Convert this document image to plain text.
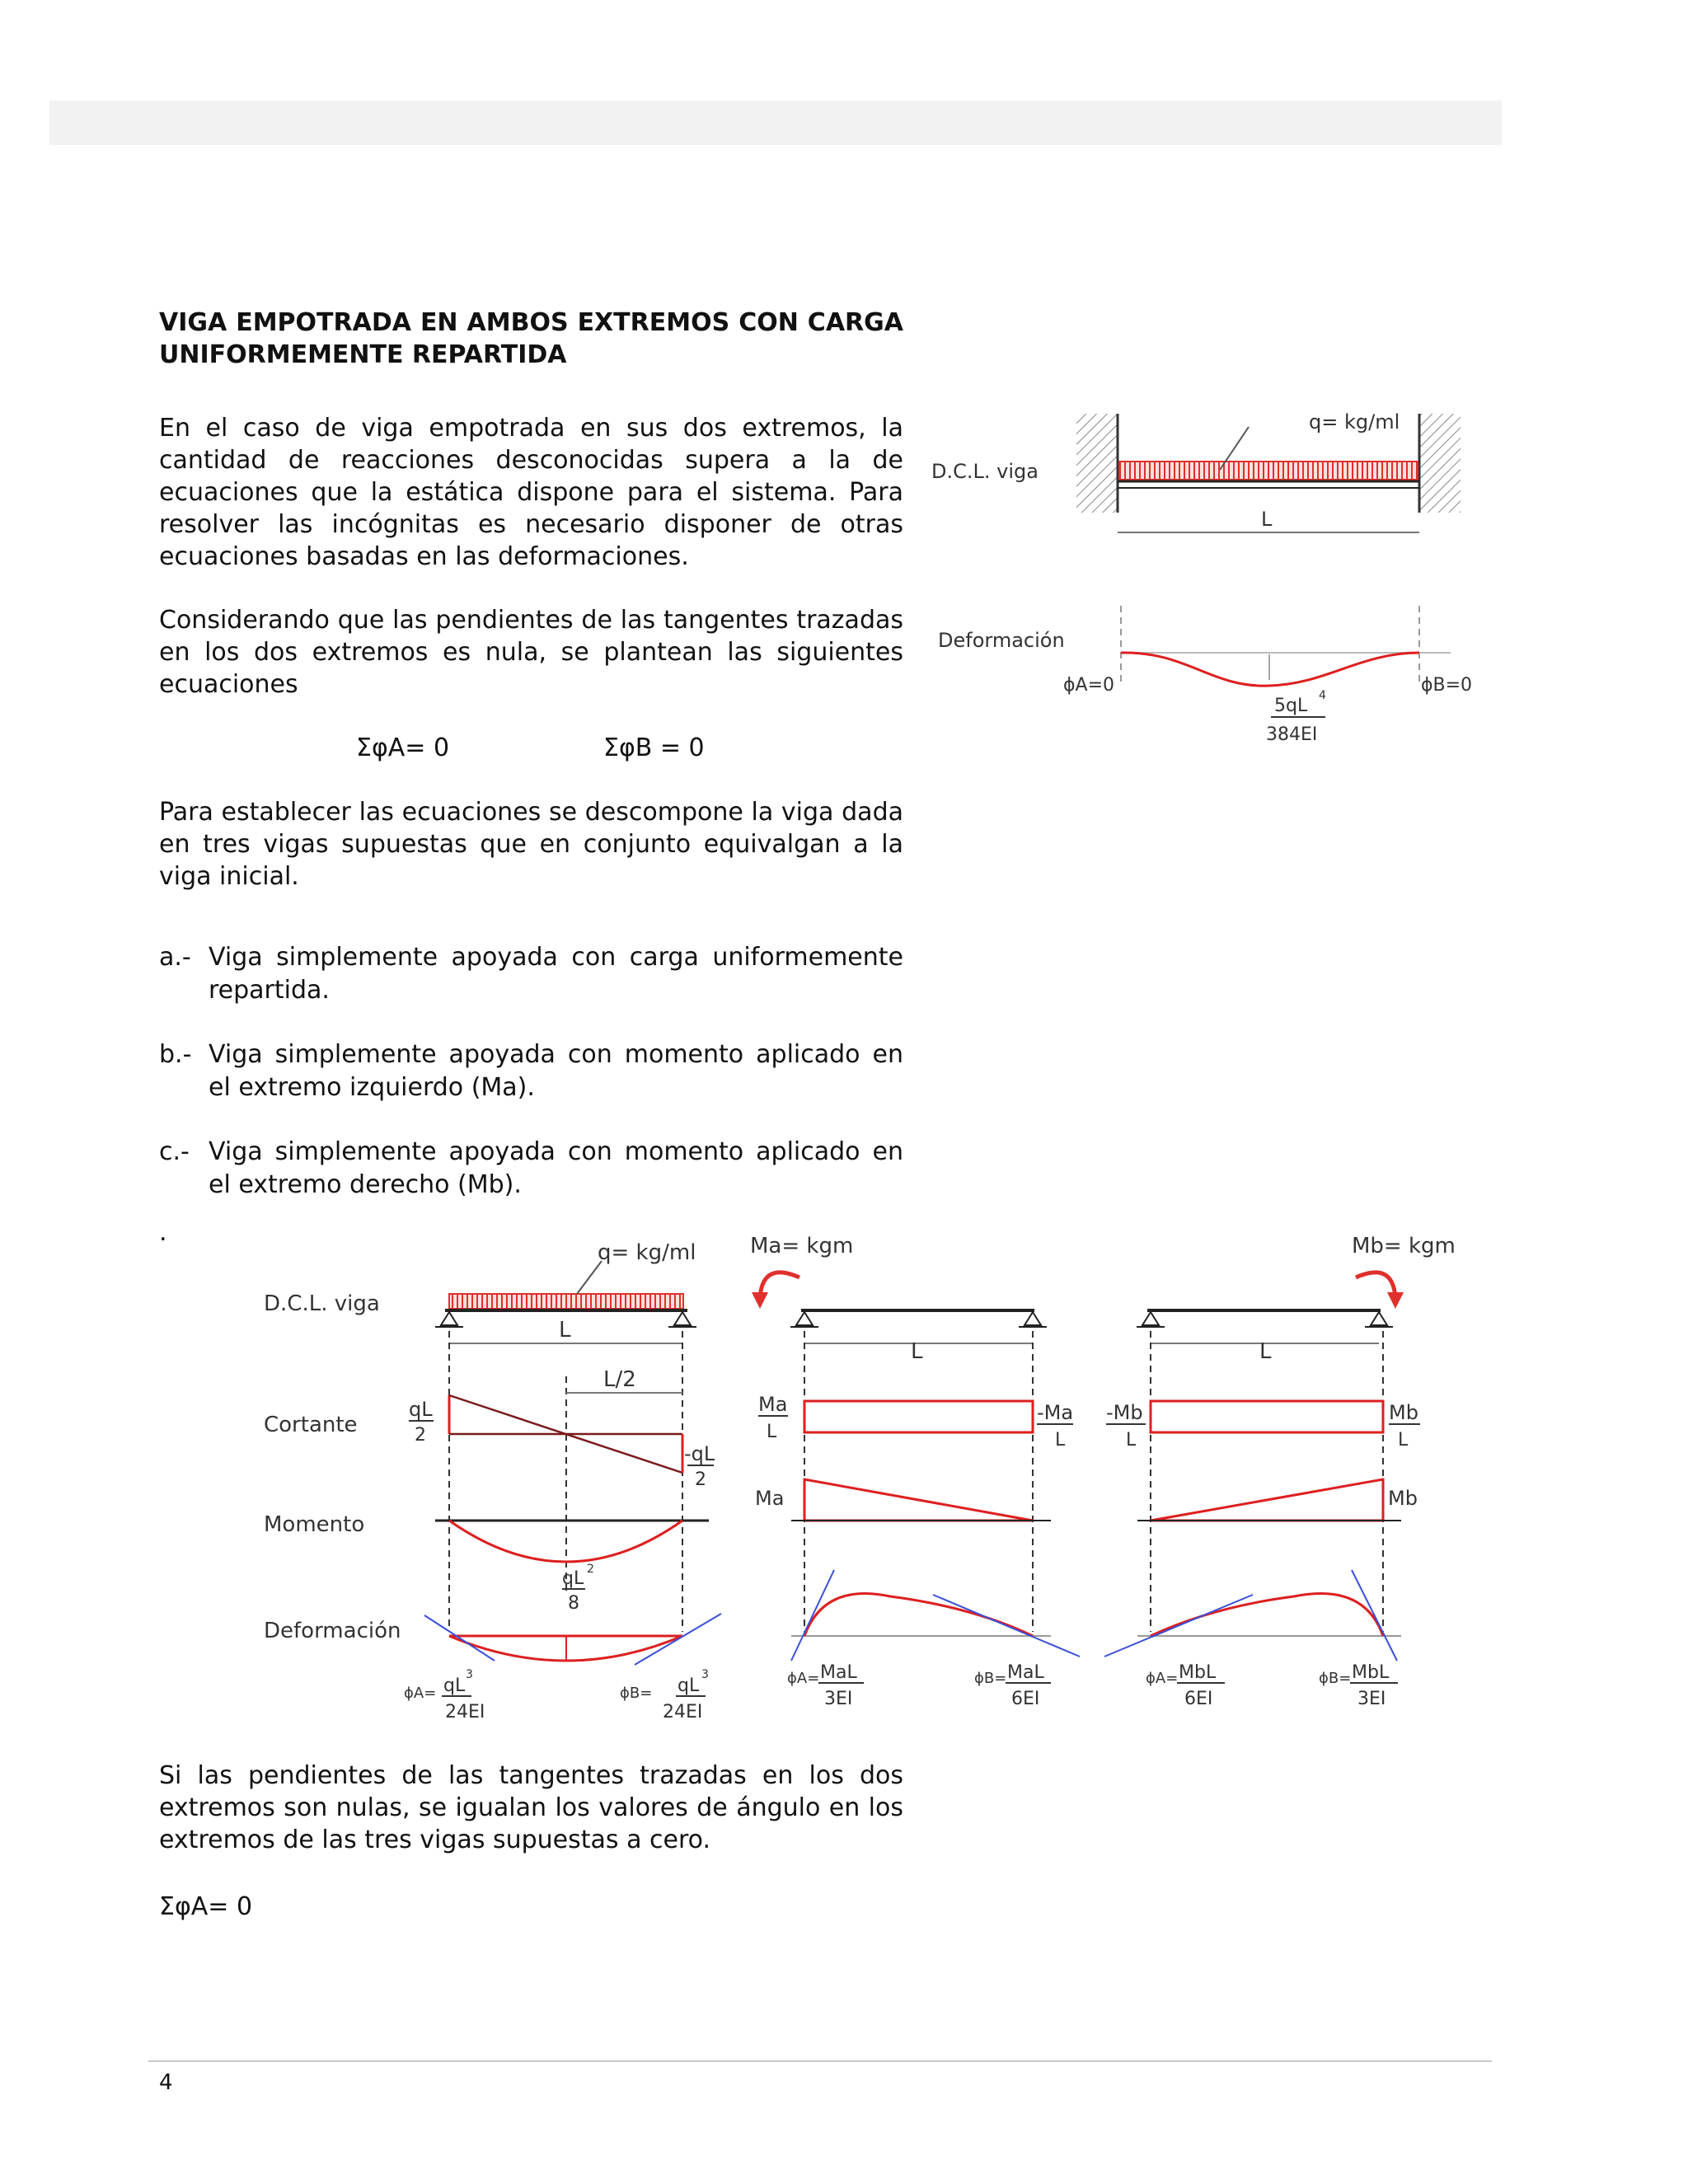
VIGA EMPOTRADA EN AMBOS EXTREMOS CON CARGA UNIFORMEMENTE REPARTIDA
En el caso de viga empotrada en sus dos extremos, la cantidad de reacciones desconocidas supera a la de ecuaciones que la estática dispone para el sistema. Para resolver las incógnitas es necesario disponer de otras ecuaciones basadas en las deformaciones.
Considerando que las pendientes de las tangentes trazadas en los dos extremos es nula, se plantean las siguientes ecuaciones
ΣφA= 0	ΣφB = 0
Para establecer las ecuaciones se descompone la viga dada en tres vigas supuestas que en conjunto equivalgan a la viga inicial.
a.- Viga simplemente apoyada con carga uniformemente repartida.
b.- Viga simplemente apoyada con momento aplicado en el extremo izquierdo (Ma).
c.- Viga simplemente apoyada con momento aplicado en el extremo derecho (Mb).
.
q= kg/ml
D.C.L. viga
L
Deformación
ϕA=0	ϕB=0
5qL 4
384EI
D.C.L. viga
Cortante
Momento
Deformación
q= kg/ml
L
L/2
qL
2
-qL
2
qL 2
8
ϕA= qL
3
24EI
ϕB= qL
3
24EI
Ma= kgm
L
Ma
L
-Ma
L
Ma
ϕA= MaL
3EI
ϕB= MaL
6EI
Mb= kgm
L
-Mb
L
Mb
L
Mb
ϕA= MbL
6EI
ϕB= MbL
3EI
Si las pendientes de las tangentes trazadas en los dos extremos son nulas, se igualan los valores de ángulo en los extremos de las tres vigas supuestas a cero.
ΣφA= 0
4
